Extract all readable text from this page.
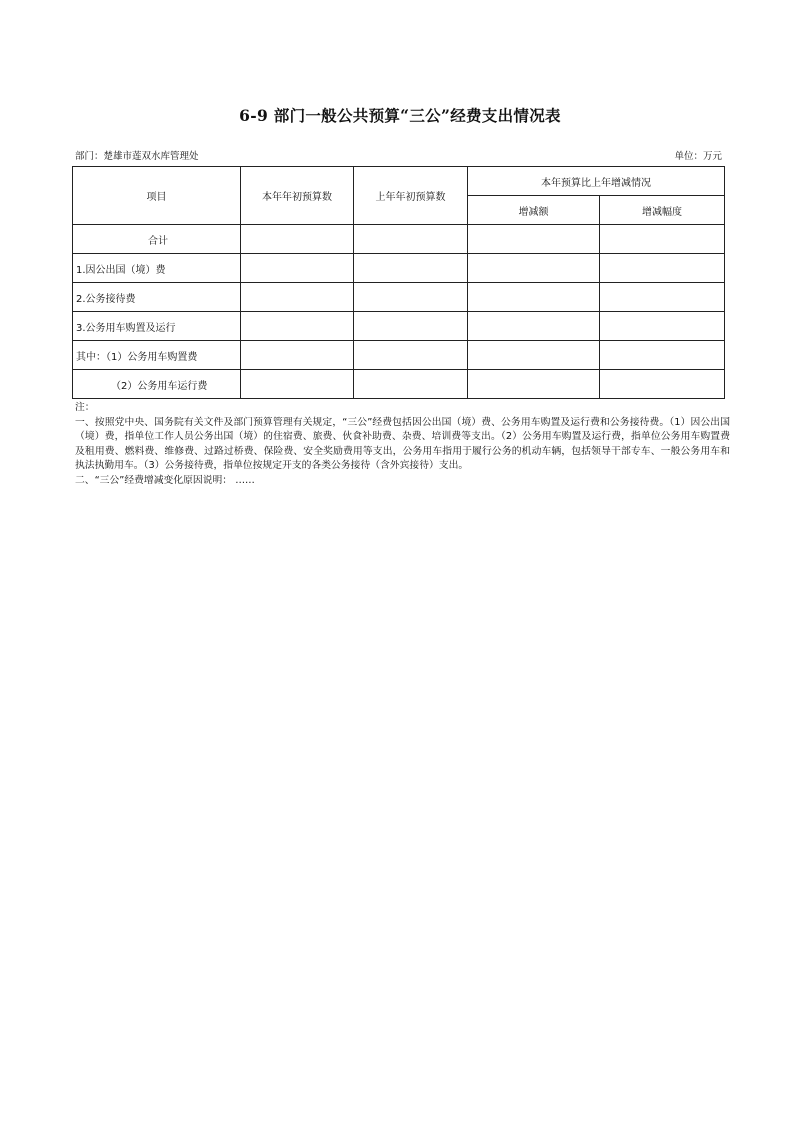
6-9 部门一般公共预算“三公”经费支出情况表
部门：楚雄市莲双水库管理处	单位：万元
项目	本年年初预算数	上年年初预算数	本年预算比上年增减情况	
			增减额	增减幅度
合计				
1.因公出国（境）费				
2.公务接待费				
3.公务用车购置及运行				
其中：（1）公务用车购置费				
（2）公务用车运行费				

注：

一、按照党中央、国务院有关文件及部门预算管理有关规定，“三公”经费包括因公出国（境）费、公务用车购置及运行费和公务接待费。（1）因公出国（境）费，指单位工作人员公务出国（境）的住宿费、旅费、伙食补助费、杂费、培训费等支出。（2）公务用车购置及运行费，指单位公务用车购置费及租用费、燃料费、维修费、过路过桥费、保险费、安全奖励费用等支出，公务用车指用于履行公务的机动车辆，包括领导干部专车、一般公务用车和执法执勤用车。（3）公务接待费，指单位按规定开支的各类公务接待（含外宾接待）支出。

二、“三公”经费增减变化原因说明： ……
